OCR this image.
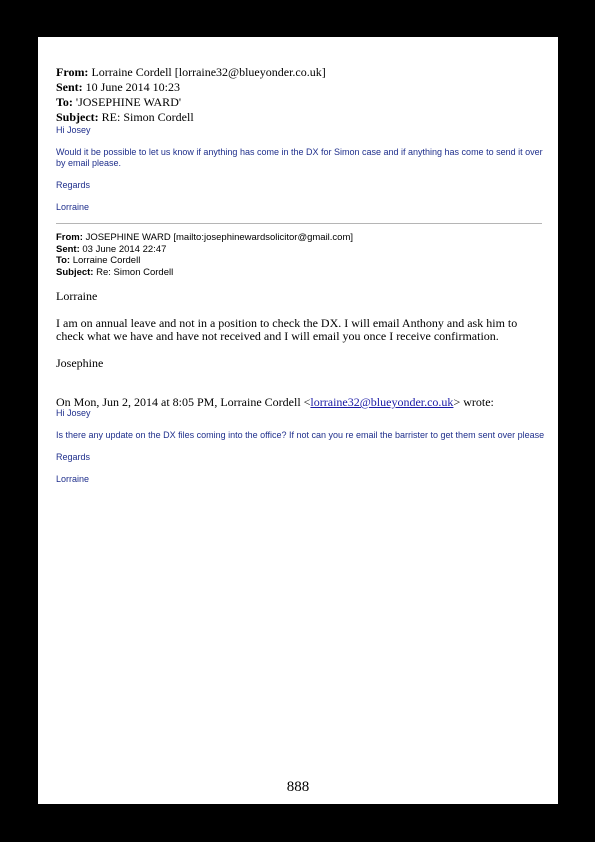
From: Lorraine Cordell [lorraine32@blueyonder.co.uk]
Sent: 10 June 2014 10:23
To: 'JOSEPHINE WARD'
Subject: RE: Simon Cordell

Hi Josey

Would it be possible to let us know if anything has come in the DX for Simon case and if anything has come to send it over by email please.

Regards

Lorraine

From: JOSEPHINE WARD [mailto:josephinewardsolicitor@gmail.com]
Sent: 03 June 2014 22:47
To: Lorraine Cordell
Subject: Re: Simon Cordell

Lorraine

I am on annual leave and not in a position to check the DX. I will email Anthony and ask him to check what we have and have not received and I will email you once I receive confirmation.

Josephine

On Mon, Jun 2, 2014 at 8:05 PM, Lorraine Cordell <lorraine32@blueyonder.co.uk> wrote:

Hi Josey

Is there any update on the DX files coming into the office? If not can you re email the barrister to get them sent over please

Regards

Lorraine

888
